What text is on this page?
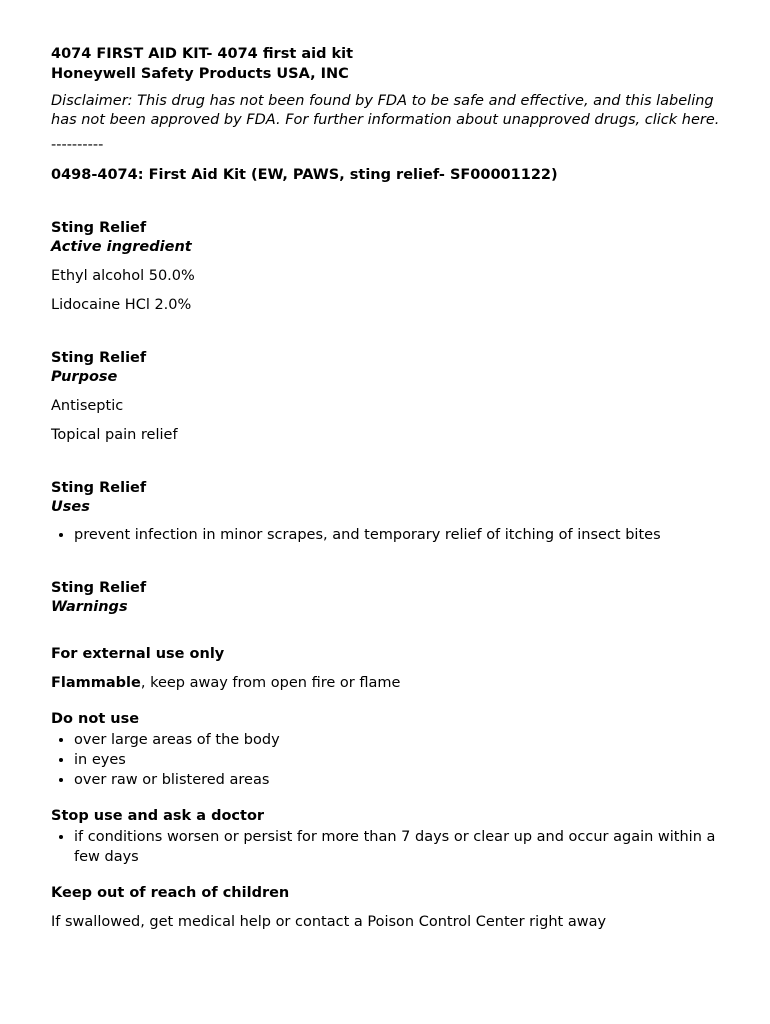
4074 FIRST AID KIT- 4074 first aid kit
Honeywell Safety Products USA, INC

Disclaimer: This drug has not been found by FDA to be safe and effective, and this labeling has not been approved by FDA. For further information about unapproved drugs, click here.

----------

0498-4074: First Aid Kit (EW, PAWS, sting relief- SF00001122)

Sting Relief

Active ingredient

Ethyl alcohol 50.0%

Lidocaine HCl 2.0%

Sting Relief

Purpose

Antiseptic

Topical pain relief

Sting Relief

Uses

• prevent infection in minor scrapes, and temporary relief of itching of insect bites

Sting Relief

Warnings

For external use only

Flammable, keep away from open fire or flame

Do not use

• over large areas of the body
• in eyes
• over raw or blistered areas

Stop use and ask a doctor

• if conditions worsen or persist for more than 7 days or clear up and occur again within a few days

Keep out of reach of children

If swallowed, get medical help or contact a Poison Control Center right away
